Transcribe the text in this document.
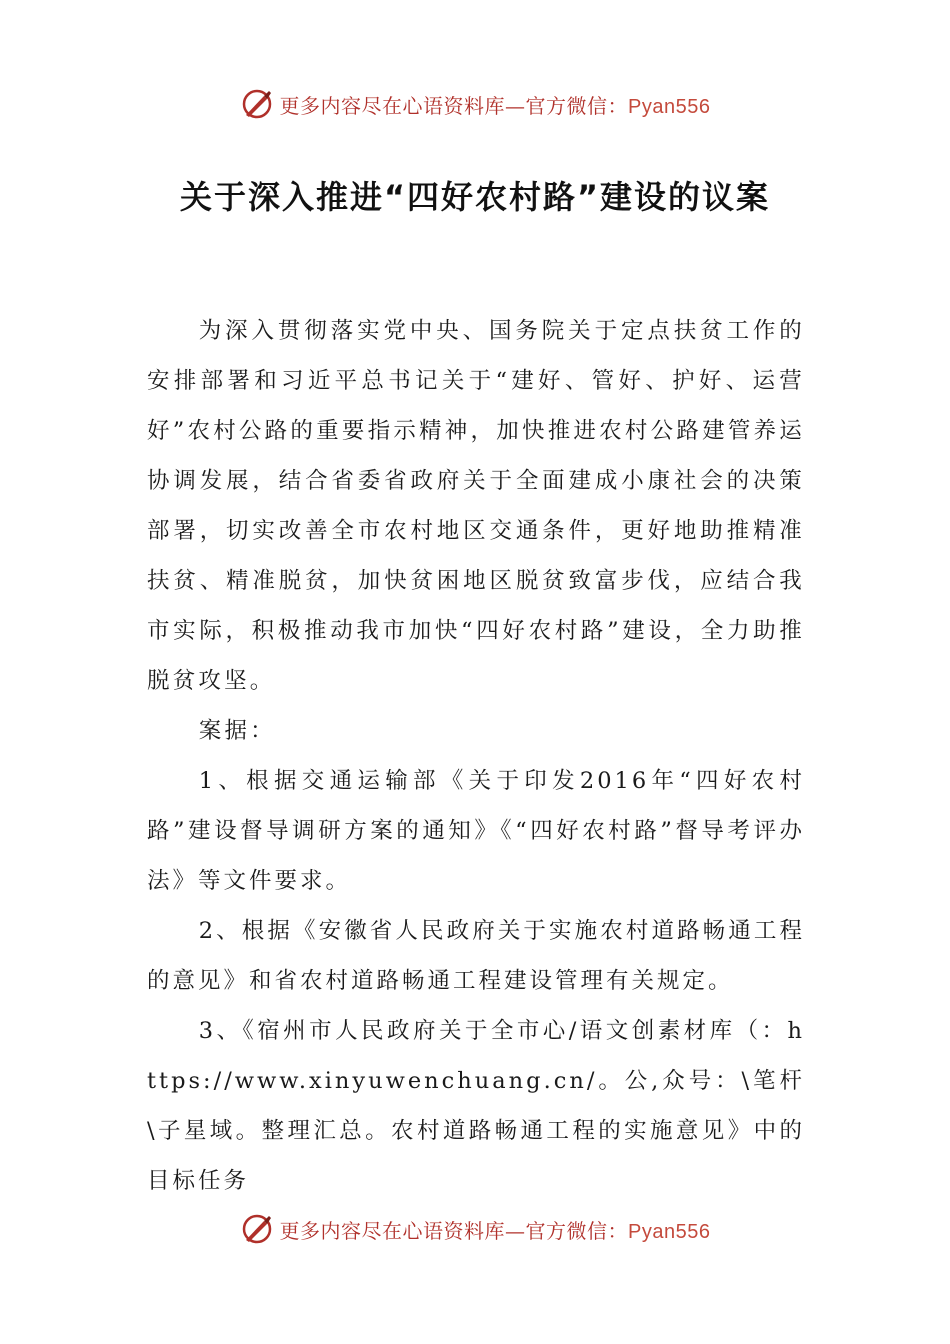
更多内容尽在心语资料库—官方微信：Pyan556
关于深入推进“四好农村路”建设的议案

为深入贯彻落实党中央、国务院关于定点扶贫工作的安排部署和习近平总书记关于“建好、管好、护好、运营好”农村公路的重要指示精神，加快推进农村公路建管养运协调发展，结合省委省政府关于全面建成小康社会的决策部署，切实改善全市农村地区交通条件，更好地助推精准扶贫、精准脱贫，加快贫困地区脱贫致富步伐，应结合我市实际，积极推动我市加快“四好农村路”建设，全力助推脱贫攻坚。

案据：

1、根据交通运输部《关于印发2016年“四好农村路”建设督导调研方案的通知》《“四好农村路”督导考评办法》等文件要求。

2、根据《安徽省人民政府关于实施农村道路畅通工程的意见》和省农村道路畅通工程建设管理有关规定。

3、《宿州市人民政府关于全市心/语文创素材库（：https://www.xinyuwenchuang.cn/。公,众号：\笔杆\子星域。整理汇总。农村道路畅通工程的实施意见》中的目标任务

更多内容尽在心语资料库—官方微信：Pyan556
